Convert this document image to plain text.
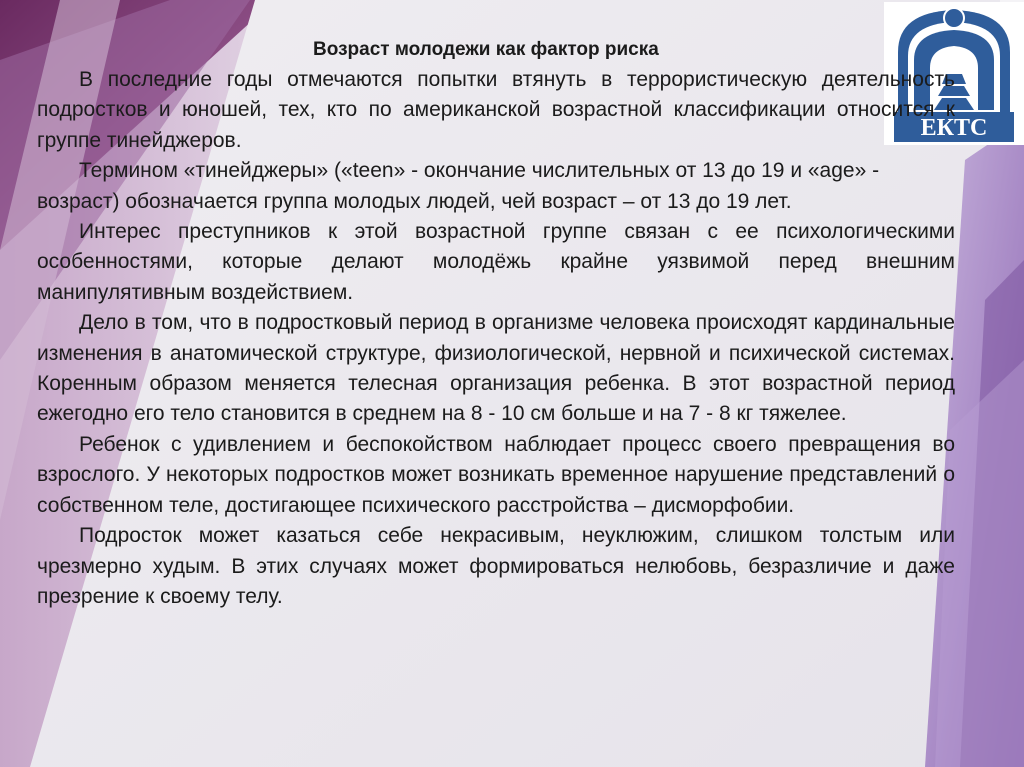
ЕКТС
Возраст молодежи как фактор риска

В последние годы отмечаются попытки втянуть в террористическую деятельность подростков и юношей, тех, кто по американской возрастной классификации относится к группе тинейджеров.

Термином «тинейджеры» («teen» - окончание числительных от 13 до 19 и «age» - возраст) обозначается группа молодых людей, чей возраст – от 13 до 19 лет.

Интерес преступников к этой возрастной группе связан с ее психологическими особенностями, которые делают молодёжь крайне уязвимой перед внешним манипулятивным воздействием.

Дело в том, что в подростковый период в организме человека происходят кардинальные изменения в анатомической структуре, физиологической, нервной и психической системах. Коренным образом меняется телесная организация ребенка. В этот возрастной период ежегодно его тело становится в среднем на 8 - 10 см больше и на 7 - 8 кг тяжелее.

Ребенок с удивлением и беспокойством наблюдает процесс своего превращения во взрослого. У некоторых подростков может возникать временное нарушение представлений о собственном теле, достигающее психического расстройства – дисморфобии.

Подросток может казаться себе некрасивым, неуклюжим, слишком толстым или чрезмерно худым. В этих случаях может формироваться нелюбовь, безразличие и даже презрение к своему телу.
